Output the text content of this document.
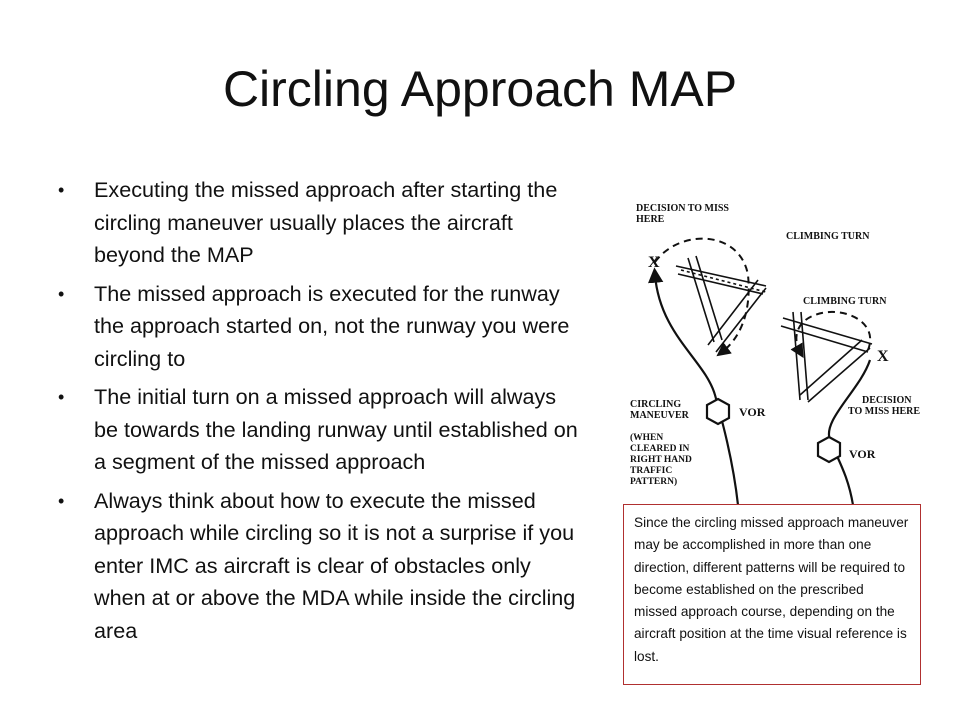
Circling Approach MAP
• Executing the missed approach after starting the circling maneuver usually places the aircraft beyond the MAP
• The missed approach is executed for the runway the approach started on, not the runway you were circling to
• The initial turn on a missed approach will always be towards the landing runway until established on a segment of the missed approach
• Always think about how to execute the missed approach while circling so it is not a surprise if you enter IMC as aircraft is clear of obstacles only when at or above the MDA while inside the circling area
DECISION TO MISS
HERE
CLIMBING TURN
X
CLIMBING TURN
X
CIRCLING
MANEUVER	VOR
DECISION
TO MISS HERE
(WHEN
CLEARED IN
RIGHT HAND
TRAFFIC
PATTERN)
VOR
Since the circling missed approach maneuver may be accomplished in more than one direction, different patterns will be required to become established on the prescribed missed approach course, depending on the aircraft position at the time visual reference is lost.
